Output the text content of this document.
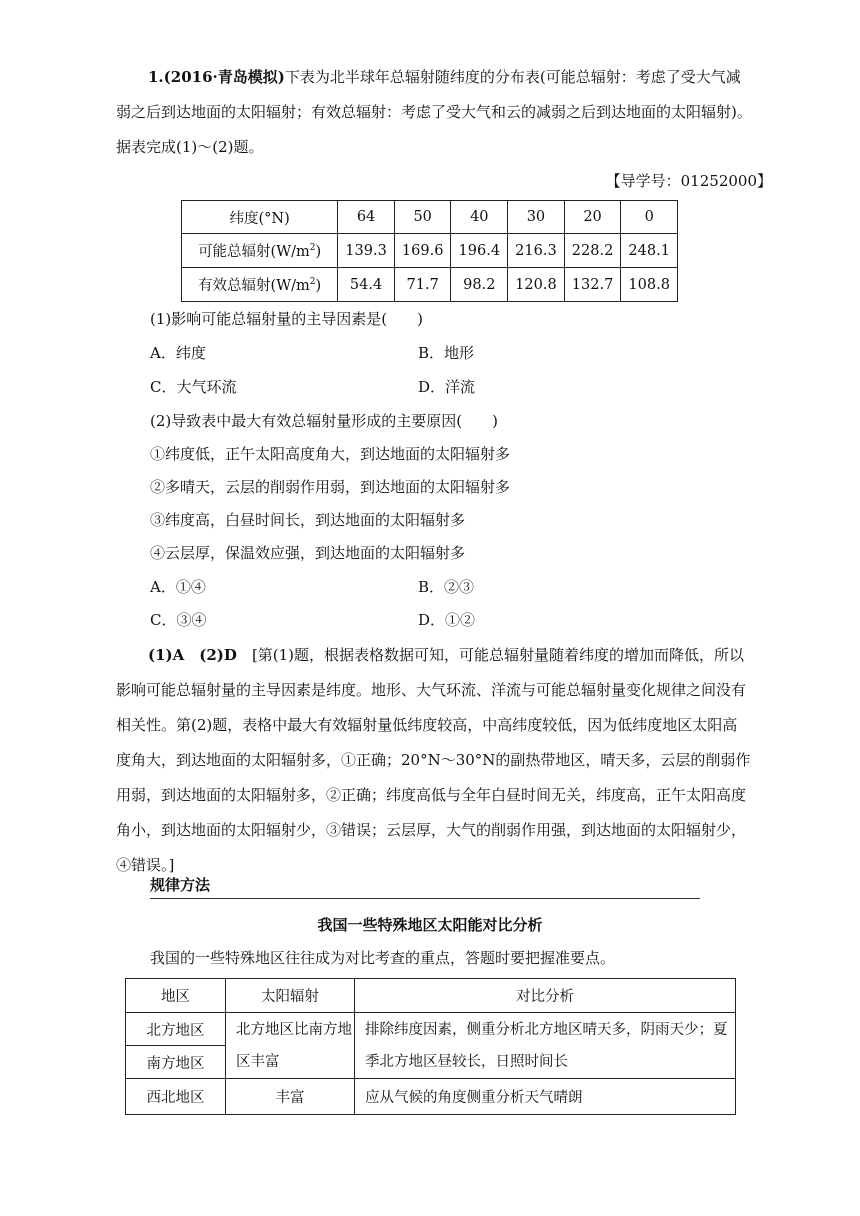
1.(2016·青岛模拟)下表为北半球年总辐射随纬度的分布表(可能总辐射：考虑了受大气减弱之后到达地面的太阳辐射；有效总辐射：考虑了受大气和云的减弱之后到达地面的太阳辐射)。据表完成(1)～(2)题。

【导学号：01252000】
纬度(°N)	64	50	40	30	20	0
可能总辐射$(W/m^2)$	139.3	169.6	196.4	216.3	228.2	248.1
有效总辐射$(W/m^2)$	54.4	71.7	98.2	120.8	132.7	108.8
(1)影响可能总辐射量的主导因素是(　　)
A．纬度	B．地形
C．大气环流	D．洋流
(2)导致表中最大有效总辐射量形成的主要原因(　　)
①纬度低，正午太阳高度角大，到达地面的太阳辐射多
②多晴天，云层的削弱作用弱，到达地面的太阳辐射多
③纬度高，白昼时间长，到达地面的太阳辐射多
④云层厚，保温效应强，到达地面的太阳辐射多
A．①④	B．②③
C．③④	D．①②

(1)A　(2)D　 [第(1)题，根据表格数据可知，可能总辐射量随着纬度的增加而降低，所以影响可能总辐射量的主导因素是纬度。地形、大气环流、洋流与可能总辐射量变化规律之间没有相关性。第(2)题，表格中最大有效辐射量低纬度较高，中高纬度较低，因为低纬度地区太阳高度角大，到达地面的太阳辐射多，①正确；20°N～30°N的副热带地区，晴天多，云层的削弱作用弱，到达地面的太阳辐射多，②正确；纬度高低与全年白昼时间无关，纬度高，正午太阳高度角小，到达地面的太阳辐射少，③错误；云层厚，大气的削弱作用强，到达地面的太阳辐射少，④错误。]

规律方法
我国一些特殊地区太阳能对比分析
我国的一些特殊地区往往成为对比考查的重点，答题时要把握准要点。
地区	太阳辐射	对比分析
北方地区	北方地区比南方地区丰富	排除纬度因素，侧重分析北方地区晴天多，阴雨天少；夏季北方地区昼较长，日照时间长
南方地区		
西北地区	丰富	应从气候的角度侧重分析天气晴朗
